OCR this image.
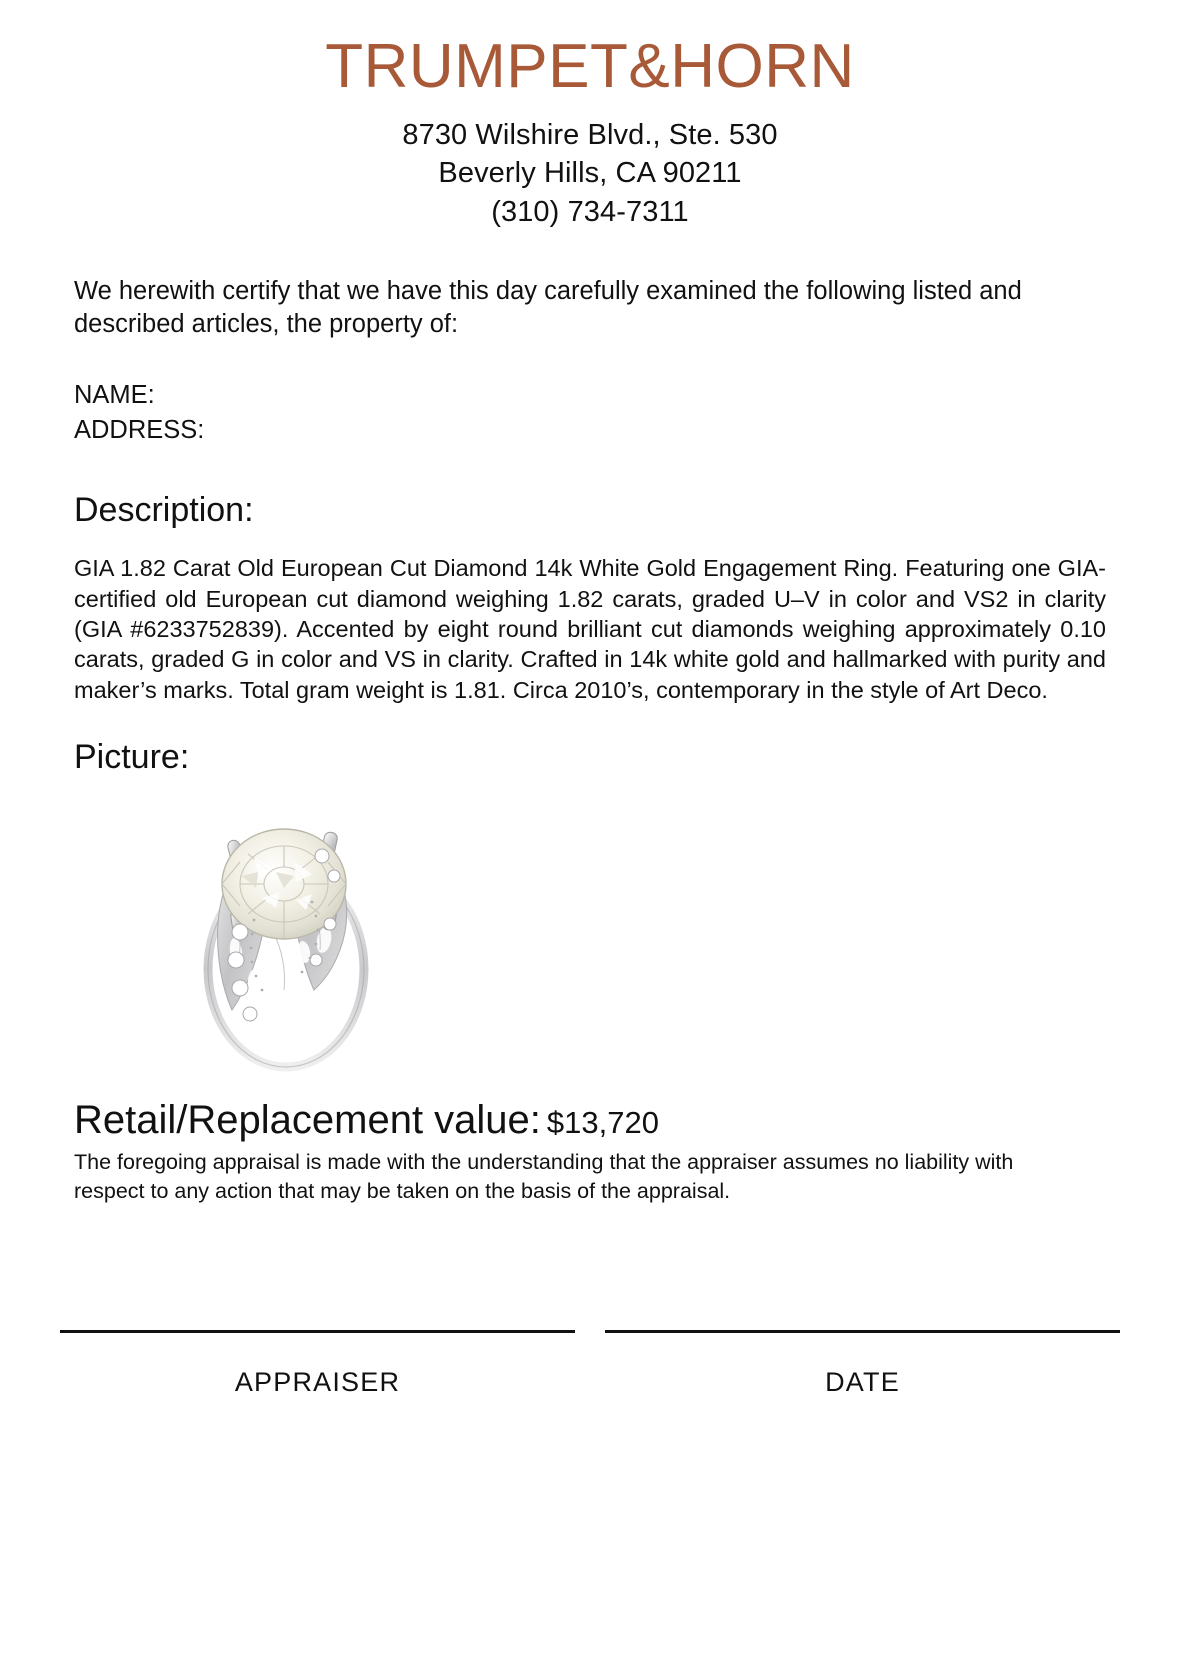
TRUMPET&HORN
8730 Wilshire Blvd., Ste. 530
Beverly Hills, CA 90211
(310) 734-7311

We herewith certify that we have this day carefully examined the following listed and described articles, the property of:

NAME:
ADDRESS:
Description:

GIA 1.82 Carat Old European Cut Diamond 14k White Gold Engagement Ring. Featuring one GIA-certified old European cut diamond weighing 1.82 carats, graded U–V in color and VS2 in clarity (GIA #6233752839). Accented by eight round brilliant cut diamonds weighing approximately 0.10 carats, graded G in color and VS in clarity. Crafted in 14k white gold and hallmarked with purity and maker’s marks. Total gram weight is 1.81. Circa 2010’s, contemporary in the style of Art Deco.

Picture:
Retail/Replacement value: $13,720

The foregoing appraisal is made with the understanding that the appraiser assumes no liability with respect to any action that may be taken on the basis of the appraisal.

APPRAISER	DATE
